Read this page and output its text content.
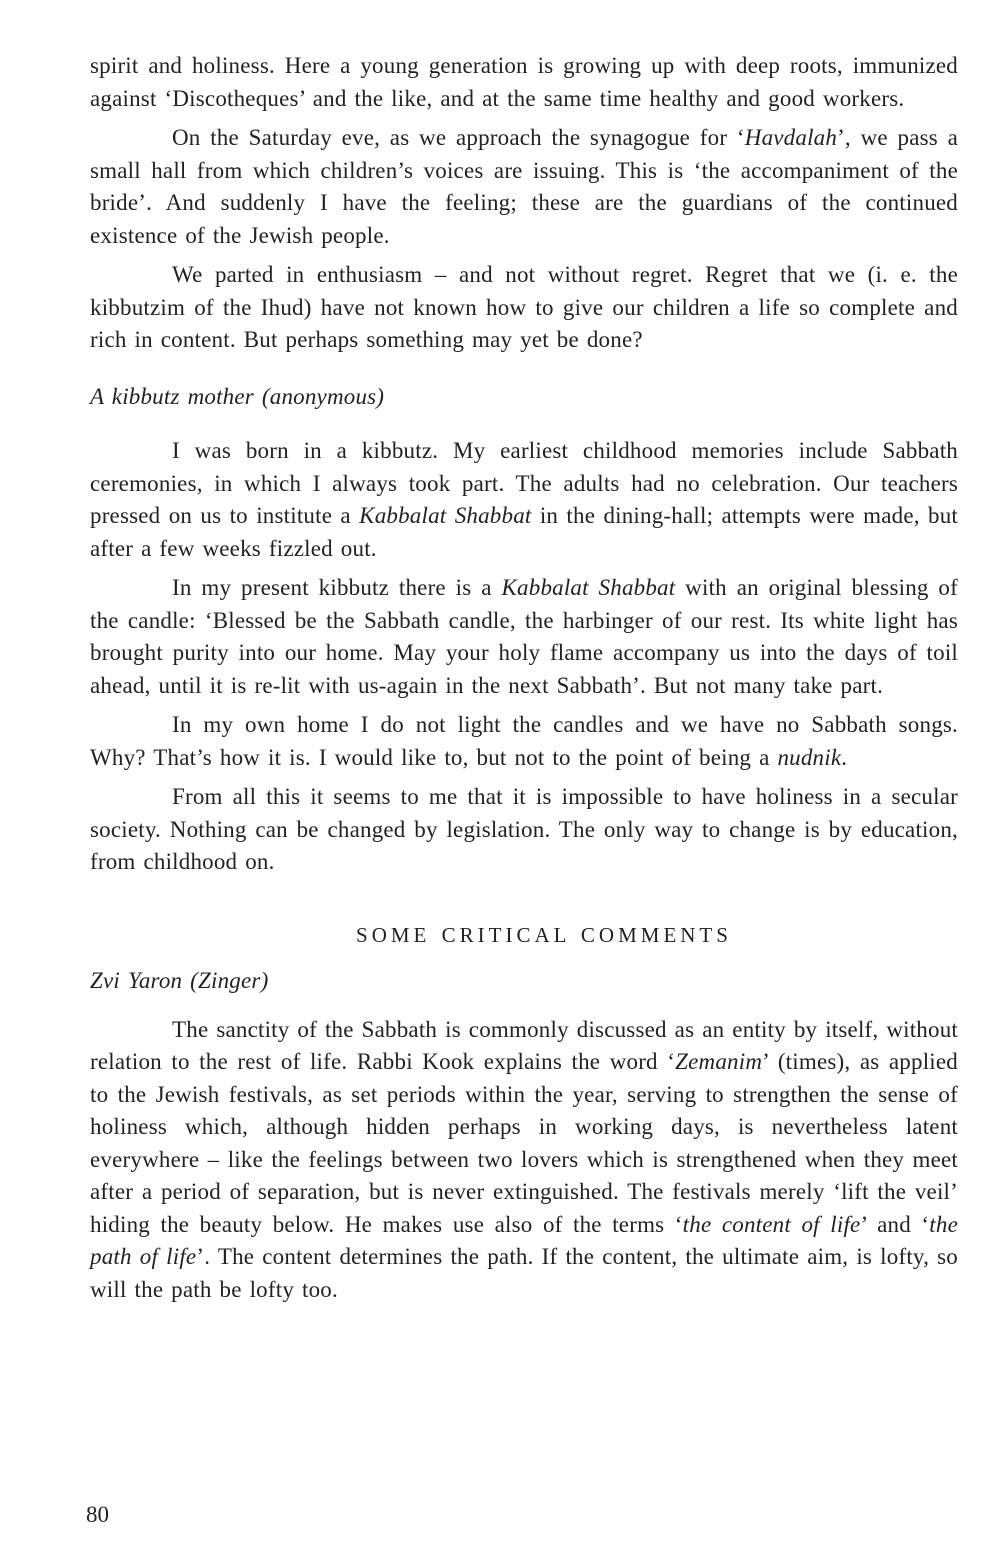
spirit and holiness. Here a young generation is growing up with deep roots, immunized against ‘Discotheques’ and the like, and at the same time healthy and good workers.

On the Saturday eve, as we approach the synagogue for ‘Havdalah’, we pass a small hall from which children’s voices are issuing. This is ‘the accompaniment of the bride’. And suddenly I have the feeling; these are the guardians of the continued existence of the Jewish people.

We parted in enthusiasm – and not without regret. Regret that we (i. e. the kibbutzim of the Ihud) have not known how to give our children a life so complete and rich in content. But perhaps something may yet be done?

A kibbutz mother (anonymous)

I was born in a kibbutz. My earliest childhood memories include Sabbath ceremonies, in which I always took part. The adults had no celebration. Our teachers pressed on us to institute a Kabbalat Shabbat in the dining-hall; attempts were made, but after a few weeks fizzled out.

In my present kibbutz there is a Kabbalat Shabbat with an original blessing of the candle: ‘Blessed be the Sabbath candle, the harbinger of our rest. Its white light has brought purity into our home. May your holy flame accompany us into the days of toil ahead, until it is re-lit with us-again in the next Sabbath’. But not many take part.

In my own home I do not light the candles and we have no Sabbath songs. Why? That’s how it is. I would like to, but not to the point of being a nudnik.

From all this it seems to me that it is impossible to have holiness in a secular society. Nothing can be changed by legislation. The only way to change is by education, from childhood on.

SOME CRITICAL COMMENTS

Zvi Yaron (Zinger)

The sanctity of the Sabbath is commonly discussed as an entity by itself, without relation to the rest of life. Rabbi Kook explains the word ‘Zemanim’ (times), as applied to the Jewish festivals, as set periods within the year, serving to strengthen the sense of holiness which, although hidden perhaps in working days, is nevertheless latent everywhere – like the feelings between two lovers which is strengthened when they meet after a period of separation, but is never extinguished. The festivals merely ‘lift the veil’ hiding the beauty below. He makes use also of the terms ‘the content of life’ and ‘the path of life’. The content determines the path. If the content, the ultimate aim, is lofty, so will the path be lofty too.

80
